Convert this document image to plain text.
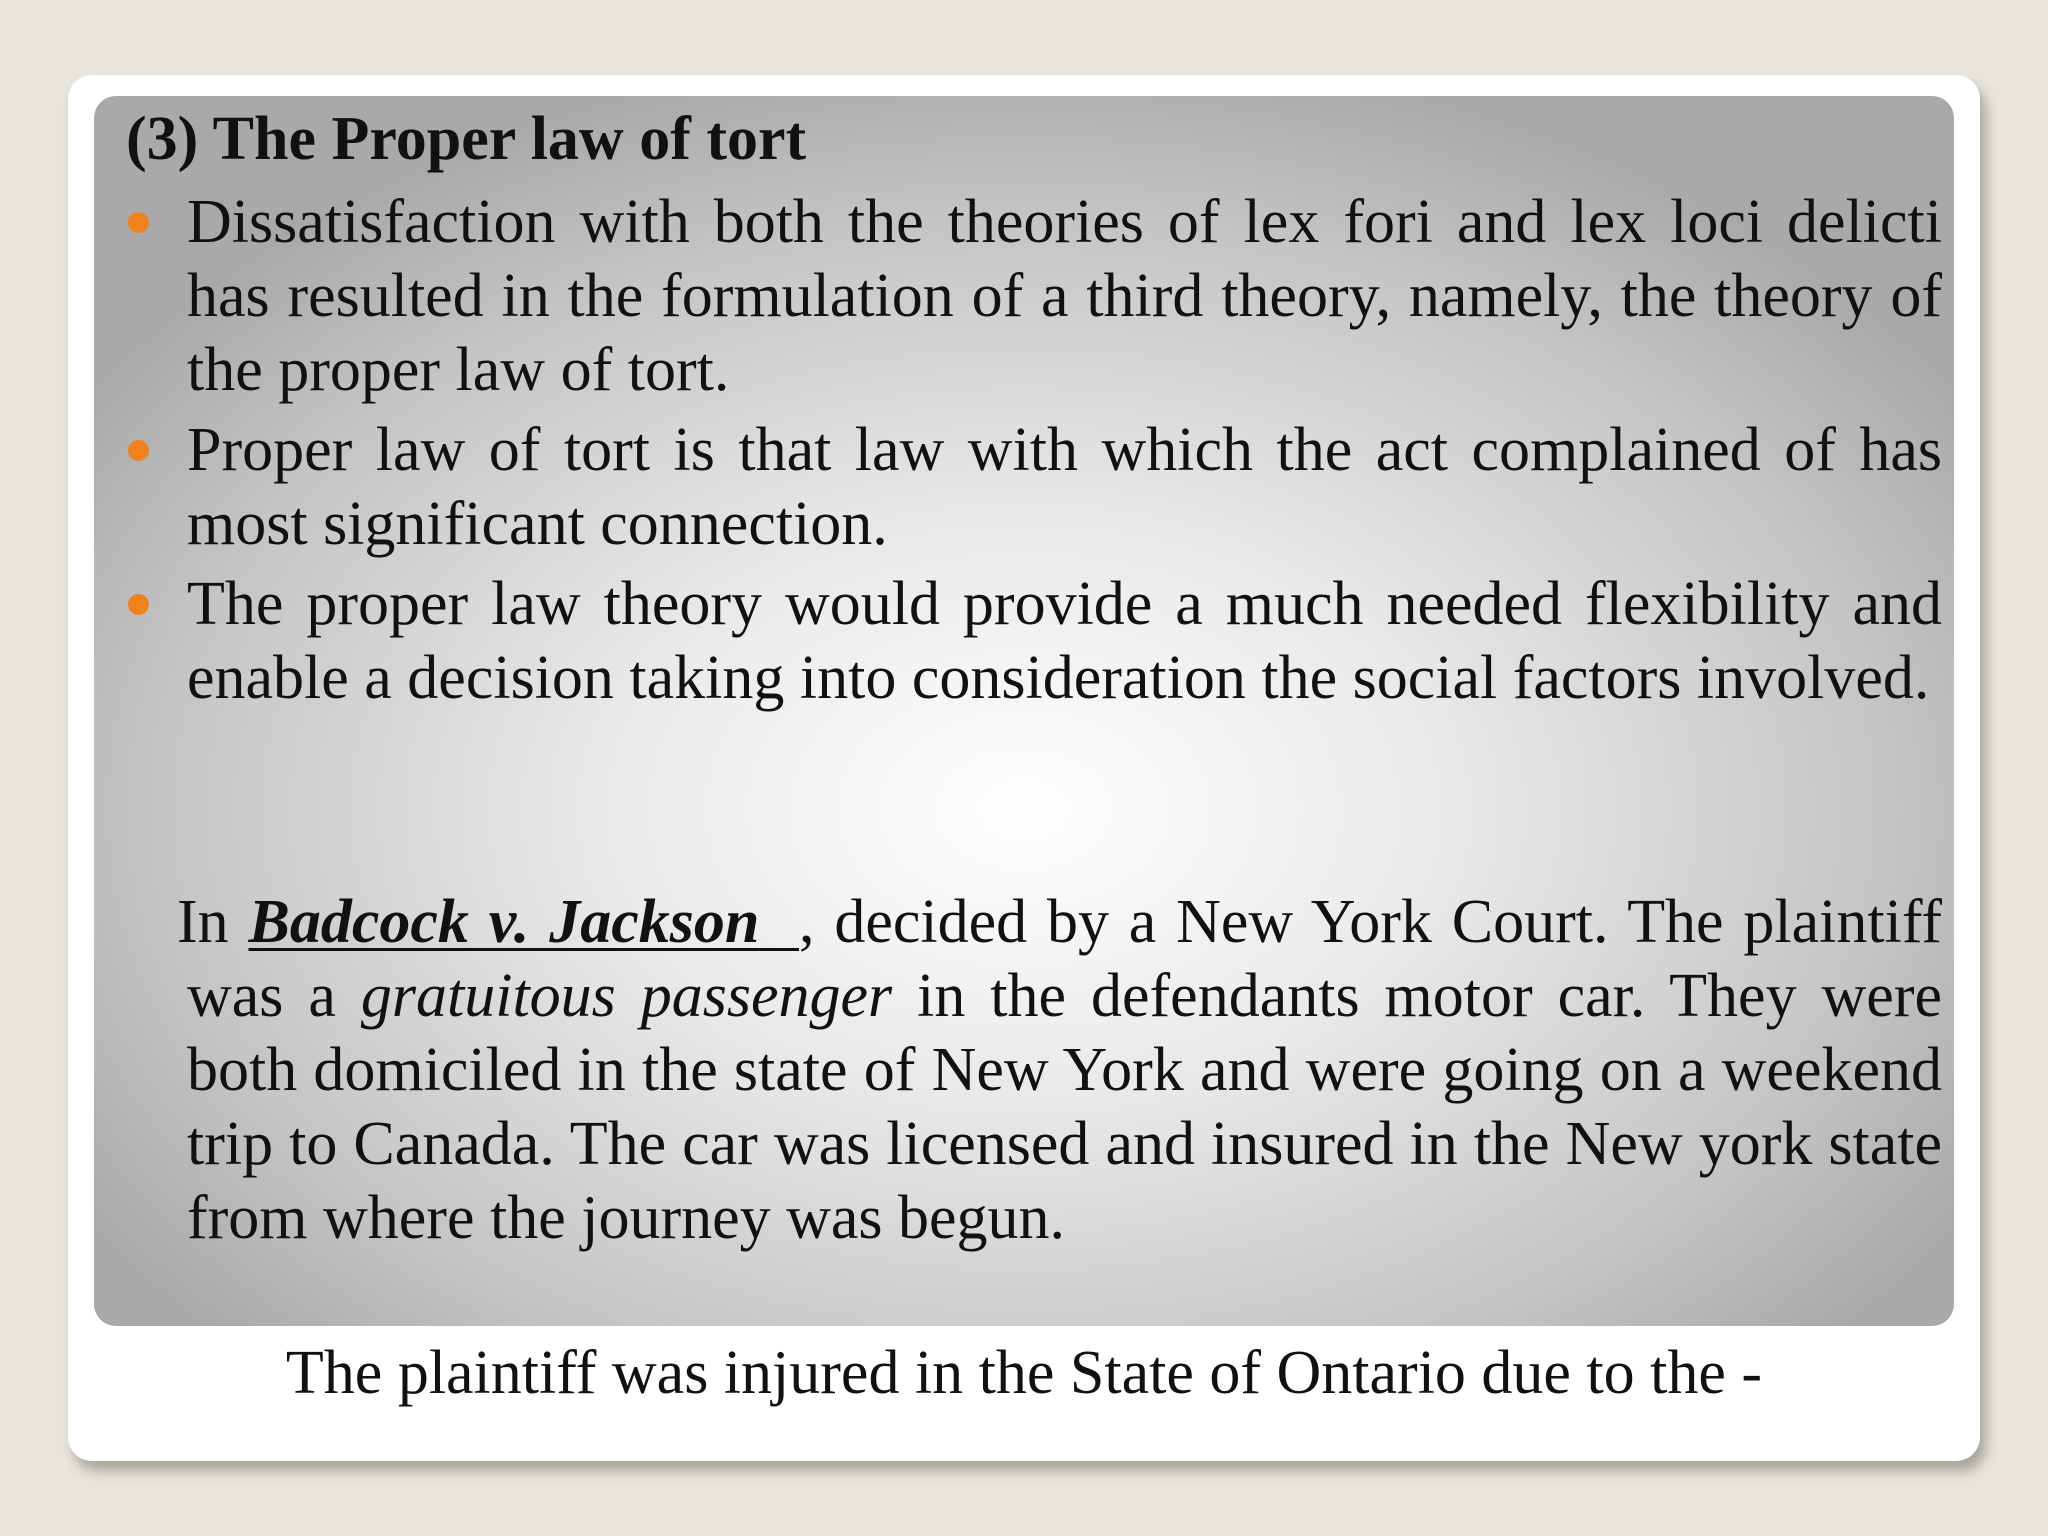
(3) The Proper law of tort
Dissatisfaction with both the theories of lex fori and lex loci delicti has resulted in the formulation of a third theory, namely, the theory of the proper law of tort.
Proper law of tort is that law with which the act complained of has most significant connection.
The proper law theory would provide a much needed flexibility and enable a decision taking into consideration the social factors involved.

In Badcock v. Jackson , decided by a New York Court. The plaintiff was a gratuitous passenger in the defendants motor car. They were both domiciled in the state of New York and were going on a weekend trip to Canada. The car was licensed and insured in the New york state from where the journey was begun.

The plaintiff was injured in the State of Ontario due to the -
